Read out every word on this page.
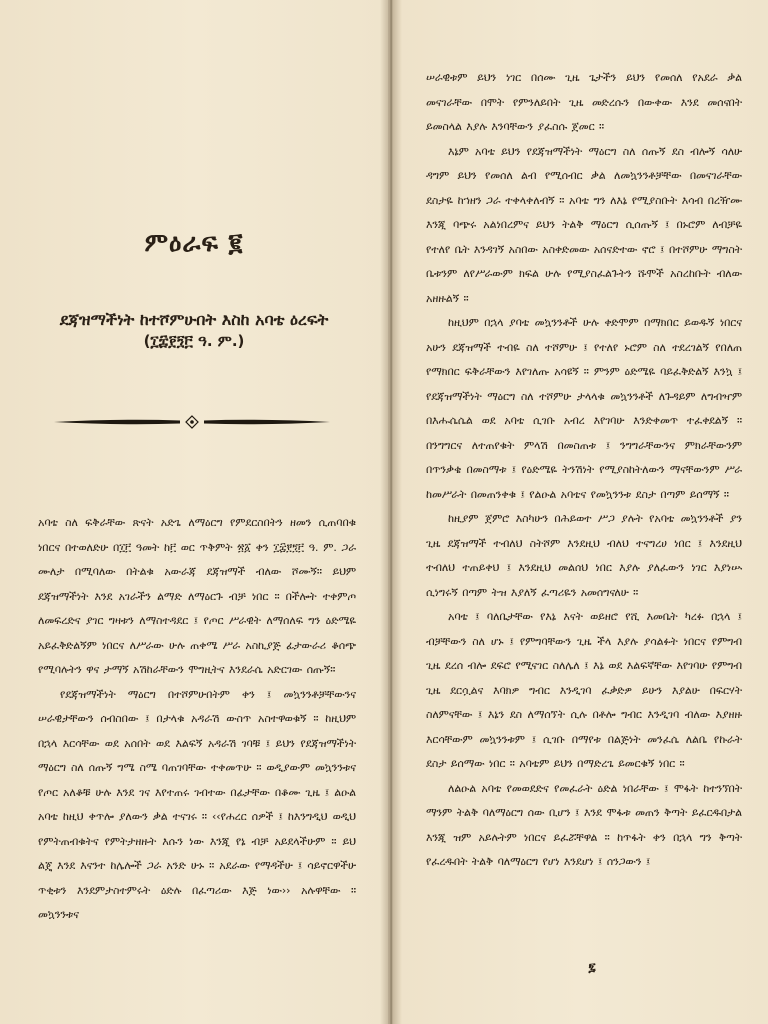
ምዕራፍ ፪
ደጃዝማችነት ከተሾምሁበት እስከ አባቴ ዕረፍት
(፲፰፻፺፫ ዓ. ም.)

አባቴ ስለ ፍቅራቸው ጽናት አድጌ ለማዕርግ የምደርስበትን ዘመን ሲጠባበቁ ነበርና በተወለድሁ በ፲፫ ዓመት ከ፫ ወር ጥቅምት ፳፩ ቀን ፲፰፻፺፫ ዓ. ም. ጋራ ሙለታ በሚባለው በትልቁ አውራጃ ደጃዝማች ብለው ሾሙኝ። ይህም ደጃዝማችነት እንደ አገራችን ልማድ ለማዕርጉ ብቻ ነበር ። በችሎት ተቀምጦ ለመፍረድና ያገር ግዛቱን ለማስተዳደር ፤ የጦር ሥራዊት ለማሰለፍ ግን ዕድሜዬ አይፈቅድልኝም ነበርና ለሥራው ሁሉ ጠቀሜ ሥራ አስኪያጅ ፊታውራሪ ቆሰጭ የሚባሉትን ዋና ታማኝ አሽከራቸውን ሞግዚትና እንደራሴ አድርገው ሰጡኝ።

የደጃዝማችነት ማዕርግ በተሾምሁበትም ቀን ፤ መኳንንቶቻቸውንና ሠራዊታቸውን ሰብስበው ፤ በታላቁ አዳራሽ ውስጥ አስተዋወቁኝ ። ከዚህም በኋላ እርሳቸው ወደ አሰበት ወደ እልፍኝ አዳራሽ ገባቹ ፤ ይህን የደጃዝማችነት ማዕርግ ስለ ሰጡኝ ግሜ ስሜ ባጠገባቸው ተቀመጥሁ ። ወዲያውም መኳንንቱና የጦር አለቆቹ ሁሉ እንደ ገና እየተጠሩ ገብተው በፊታቸው በቆሙ ጊዜ ፤ ልዑል አባቴ ከዚህ ቀጥሎ ያለውን ቃል ተናገሩ ። ‹‹የሐረር ሰዎች ፤ ከእንግዲህ ወዲህ የምትጠብቁትና የምትታዘዙት እሱን ነው እንጂ የኔ ብቻ አይደላችሁም ። ይህ ልጄ እንደ እናንተ ከሌሎች ጋራ አንድ ሁኑ ። አደራው የማዳችሁ ፤ ሳይኖርዋችሁ ጥቂቱን እንደምታስተምሩት ዕድሉ በፈጣሪው እጅ ነው›› አሉዋቸው ። መኳንንቱና

ሠራዊቱም ይህን ነገር በሰሙ ጊዜ ጌታችን ይህን የመሰለ የአደራ ቃል መናገራቸው በሞት የምንለይበት ጊዜ መድረሱን በውቀው እንደ መሰናበት ይመስላል እያሉ እንባቸውን ያፈስሱ ጀመር ።

እኔም አባቴ ይህን የደጃዝማችነት ማዕርግ ስለ ሰጡኝ ደስ ብሎኝ ሳለሁ ዳግም ይህን የመሰለ ልብ የሚሰብር ቃል ለመኳንንቶቻቸው በመናገራቸው ደስታዬ ከኀዘን ጋራ ተቀላቀለብኝ ። አባቴ ግን ለእኔ የሚያስቡት እሳብ በረዥሙ እንጂ ባጭሩ አልነበረምና ይህን ትልቅ ማዕርግ ሲሰጡኝ ፤ በኑሮም ለብቻዬ የተለየ ቤት እንዳገኝ አስበው አስቀድመው አሰናድተው ኖሮ ፤ በተሾምሁ ማግስት ቤቱንም ለየሥራውም ክፍል ሁሉ የሚያስፈልጉትን ሹሞች አስረከቡት ብለው አዘዙልኝ ።

ከዚህም በኋላ ያባቴ መኳንንቶች ሁሉ ቀድሞም በማክበር ይወዱኝ ነበርና አሁን ደጃዝማች ተብዬ ስለ ተሾምሁ ፤ የተለየ ኑሮም ስለ ተደረገልኝ የበለጠ የማክበር ፍቅራቸውን እየገለጡ አሳዩኝ ። ምንም ዕድሜዬ ባይፈቅድልኝ እንኳ ፤ የደጃዝማችነት ማዕርግ ስለ ተሾምሁ ታላላቁ መኳንንቶች ለጉዳይም ለግብዣም በእሑሴሴል ወደ አባቴ ሲገቡ አብረ እየገባሁ እንድቀመጥ ተፈቀደልኝ ። በንግግርና ለተጠየቁት ምላሽ በመስጠቱ ፤ ንግግራቸውንና ምክራቸውንም በጥንቃቄ በመስማቱ ፤ የዕድሜዬ ትንሽነት የሚያስከትለውን ማናቸውንም ሥራ ከመሥራት በመጠንቀቁ ፤ የልዑል አባቴና የመኳንንቱ ደስታ በጣም ይሰማኝ ።

ከዚያም ጀምሮ እስካሁን በሕይወተ ሥጋ ያሉት የአባቴ መኳንንቶች ያን ጊዜ ደጃዝማች ተብለህ ስትሾም እንደዚህ ብለህ ተናግረሀ ነበር ፤ እንደዚህ ተብለህ ተጠይቀህ ፤ እንደዚህ መልሰህ ነበር እያሉ ያለፈውን ነገር እያነሡ ሲነግሩኝ በጣም ትዝ እያለኝ ፈጣሪዬን አመሰግናለሁ ።

አባቴ ፤ ባለቤታቸው የእኔ እናት ወይዘሮ የሺ እመቤት ካረፉ በኋላ ፤ ብቻቸውን ስለ ሆኑ ፤ የምግባቸውን ጊዜ ችላ እያሉ ያሳልፉት ነበርና የምግብ ጊዜ ደረሰ ብሎ ደፍሮ የሚናገር ስለሌለ ፤ እኔ ወደ እልፍኛቸው እየገባሁ የምግብ ጊዜ ደርሷልና እባክዎ ግብር እንዲገባ ፈቃድዎ ይሁን እያልሁ በፍርሃት ስለምናቸው ፤ እኔን ደስ ለማሰኘት ሲሉ በቶሎ ግብር እንዲገባ ብለው እያዘዙ እርሳቸውም መኳንንቱም ፤ ሲገቡ በማየቱ በልጅነት መንፈሴ ለልቤ የኩራት ደስታ ይሰማው ነበር ። አባቴም ይህን በማድረጌ ይመርቁኝ ነበር ።

ለልዑል አባቴ የመወደድና የመፈራት ዕድል ነበራቸው ፤ ሞፋት ከተንኘበት ማንም ትልቅ ባለማዕርግ ሰው ቢሆን ፤ እንደ ሞፋቱ መጠን ቅጣት ይፈርዱበታል እንጂ ዝም አይሉትም ነበርና ይፈሯቸዋል ። ከጥፋት ቀን በኋላ ግን ቅጣት የፈረዱበት ትልቅ ባለማዕርግ የሆነ እንደሆነ ፤ ሰንጋውን ፤

፯
